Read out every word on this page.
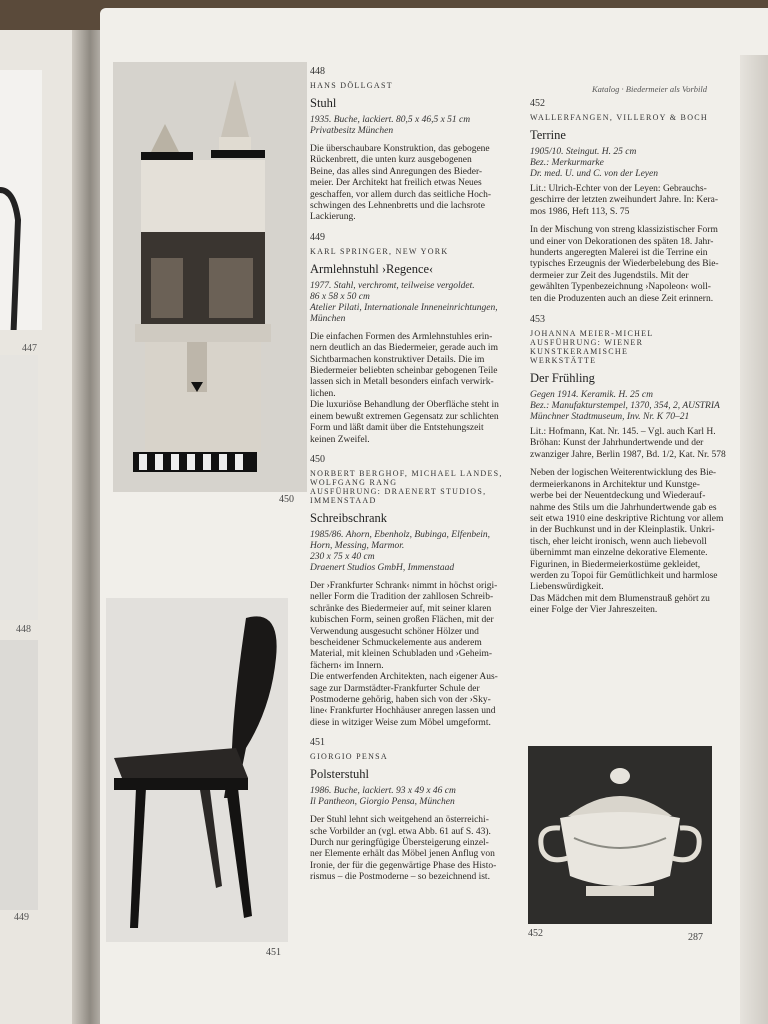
447
448
449
450
451
452
Katalog · Biedermeier als Vorbild
448
HANS DÖLLGAST
Stuhl
1935. Buche, lackiert. 80,5 x 46,5 x 51 cm
Privatbesitz München
Die überschaubare Konstruktion, das gebogene
Rückenbrett, die unten kurz ausgebogenen
Beine, das alles sind Anregungen des Bieder-
meier. Der Architekt hat freilich etwas Neues
geschaffen, vor allem durch das seitliche Hoch-
schwingen des Lehnenbretts und die lachsrote
Lackierung.
449
KARL SPRINGER, NEW YORK
Armlehnstuhl ›Regence‹
1977. Stahl, verchromt, teilweise vergoldet.
86 x 58 x 50 cm
Atelier Pilati, Internationale Inneneinrichtungen,
München
Die einfachen Formen des Armlehnstuhles erin-
nern deutlich an das Biedermeier, gerade auch im
Sichtbarmachen konstruktiver Details. Die im
Biedermeier beliebten scheinbar gebogenen Teile
lassen sich in Metall besonders einfach verwirk-
lichen.
Die luxuriöse Behandlung der Oberfläche steht in
einem bewußt extremen Gegensatz zur schlichten
Form und läßt damit über die Entstehungszeit
keinen Zweifel.
450
NORBERT BERGHOF, MICHAEL LANDES,
WOLFGANG RANG
AUSFÜHRUNG: DRAENERT STUDIOS,
IMMENSTAAD
Schreibschrank
1985/86. Ahorn, Ebenholz, Bubinga, Elfenbein,
Horn, Messing, Marmor.
230 x 75 x 40 cm
Draenert Studios GmbH, Immenstaad
Der ›Frankfurter Schrank‹ nimmt in höchst origi-
neller Form die Tradition der zahllosen Schreib-
schränke des Biedermeier auf, mit seiner klaren
kubischen Form, seinen großen Flächen, mit der
Verwendung ausgesucht schöner Hölzer und
bescheidener Schmuckelemente aus anderem
Material, mit kleinen Schubladen und ›Geheim-
fächern‹ im Innern.
Die entwerfenden Architekten, nach eigener Aus-
sage zur Darmstädter-Frankfurter Schule der
Postmoderne gehörig, haben sich von der ›Sky-
line‹ Frankfurter Hochhäuser anregen lassen und
diese in witziger Weise zum Möbel umgeformt.
451
GIORGIO PENSA
Polsterstuhl
1986. Buche, lackiert. 93 x 49 x 46 cm
Il Pantheon, Giorgio Pensa, München
Der Stuhl lehnt sich weitgehend an österreichi-
sche Vorbilder an (vgl. etwa Abb. 61 auf S. 43).
Durch nur geringfügige Übersteigerung einzel-
ner Elemente erhält das Möbel jenen Anflug von
Ironie, der für die gegenwärtige Phase des Histo-
rismus – die Postmoderne – so bezeichnend ist.
452
WALLERFANGEN, VILLEROY & BOCH
Terrine
1905/10. Steingut. H. 25 cm
Bez.: Merkurmarke
Dr. med. U. und C. von der Leyen
Lit.: Ulrich-Echter von der Leyen: Gebrauchs-
geschirre der letzten zweihundert Jahre. In: Kera-
mos 1986, Heft 113, S. 75
In der Mischung von streng klassizistischer Form
und einer von Dekorationen des späten 18. Jahr-
hunderts angeregten Malerei ist die Terrine ein
typisches Erzeugnis der Wiederbelebung des Bie-
dermeier zur Zeit des Jugendstils. Mit der
gewählten Typenbezeichnung ›Napoleon‹ woll-
ten die Produzenten auch an diese Zeit erinnern.
453
JOHANNA MEIER-MICHEL
AUSFÜHRUNG: WIENER KUNSTKERAMISCHE
WERKSTÄTTE
Der Frühling
Gegen 1914. Keramik. H. 25 cm
Bez.: Manufakturstempel, 1370, 354, 2, AUSTRIA
Münchner Stadtmuseum, Inv. Nr. K 70–21
Lit.: Hofmann, Kat. Nr. 145. – Vgl. auch Karl H.
Bröhan: Kunst der Jahrhundertwende und der
zwanziger Jahre, Berlin 1987, Bd. 1/2, Kat. Nr. 578
Neben der logischen Weiterentwicklung des Bie-
dermeierkanons in Architektur und Kunstge-
werbe bei der Neuentdeckung und Wiederauf-
nahme des Stils um die Jahrhundertwende gab es
seit etwa 1910 eine deskriptive Richtung vor allem
in der Buchkunst und in der Kleinplastik. Unkri-
tisch, eher leicht ironisch, wenn auch liebevoll
übernimmt man einzelne dekorative Elemente.
Figurinen, in Biedermeierkostüme gekleidet,
werden zu Topoi für Gemütlichkeit und harmlose
Liebenswürdigkeit.
Das Mädchen mit dem Blumenstrauß gehört zu
einer Folge der Vier Jahreszeiten.
287
